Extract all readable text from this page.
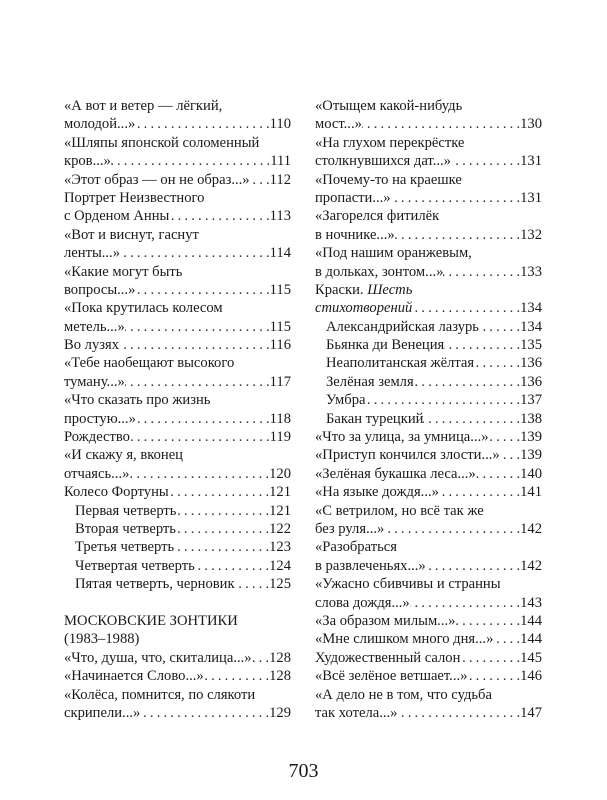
«А вот и ветер — лёгкий,
молодой...» . . .	110
«Шляпы японской соломенный
кров...» . . .	111
«Этот образ — он не образ...» . . . 112
Портрет Неизвестного
с Орденом Анны . . .	113
«Вот и виснут, гаснут
ленты...» . . .	114
«Какие могут быть
вопросы...» . . .	115
«Пока крутилась колесом
метель...» . . .	115
Во лузях . . .	116
«Тебе наобещают высокого
туману...» . . .	117
«Что сказать про жизнь
простую...» . . .	118
Рождество . . .	119
«И скажу я, вконец
отчаясь...» . . .	120
Колесо Фортуны . . .	121
Первая четверть . . .	121
Вторая четверть . . .	122
Третья четверть . . .	123
Четвертая четверть . . .	124
Пятая четверть, черновик . . . 125
МОСКОВСКИЕ ЗОНТИКИ
(1983–1988)
«Что, душа, что, скиталица...» . . . 128
«Начинается Слово...» . . .	128
«Колёса, помнится, по слякоти
скрипели...» . . .	129
«Отыщем какой-нибудь
мост...» . . .	130
«На глухом перекрёстке
столкнувшихся дат...» . . .	131
«Почему-то на краешке
пропасти...» . . .	131
«Загорелся фитилёк
в ночнике...» . . .	132
«Под нашим оранжевым,
в дольках, зонтом...» . . .	133
Краски.
Шесть
стихотворений . . .	134
Александрийская лазурь . . .	134
Бьянка ди Венеция . . .	135
Неаполитанская жёлтая . . .	136
Зелёная земля . . .	136
Умбра . . .	137
Бакан турецкий . . .	138
«Что за улица, за умница...» . . . 139
«Приступ кончился злости...» . . . 139
«Зелёная букашка леса...» . . .	140
«На языке дождя...» . . .	141
«С ветрилом, но всё так же
без руля...» . . .	142
«Разобраться
в развлеченьях...» . . .	142
«Ужасно сбивчивы и странны
слова дождя...» . . .	143
«За образом милым...» . . .	144
«Мне слишком много дня...» . . . 144
Художественный салон . . .	145
«Всё зелёное ветшает...» . . .	146
«А дело не в том, что судьба
так хотела...» . . .	147
703
